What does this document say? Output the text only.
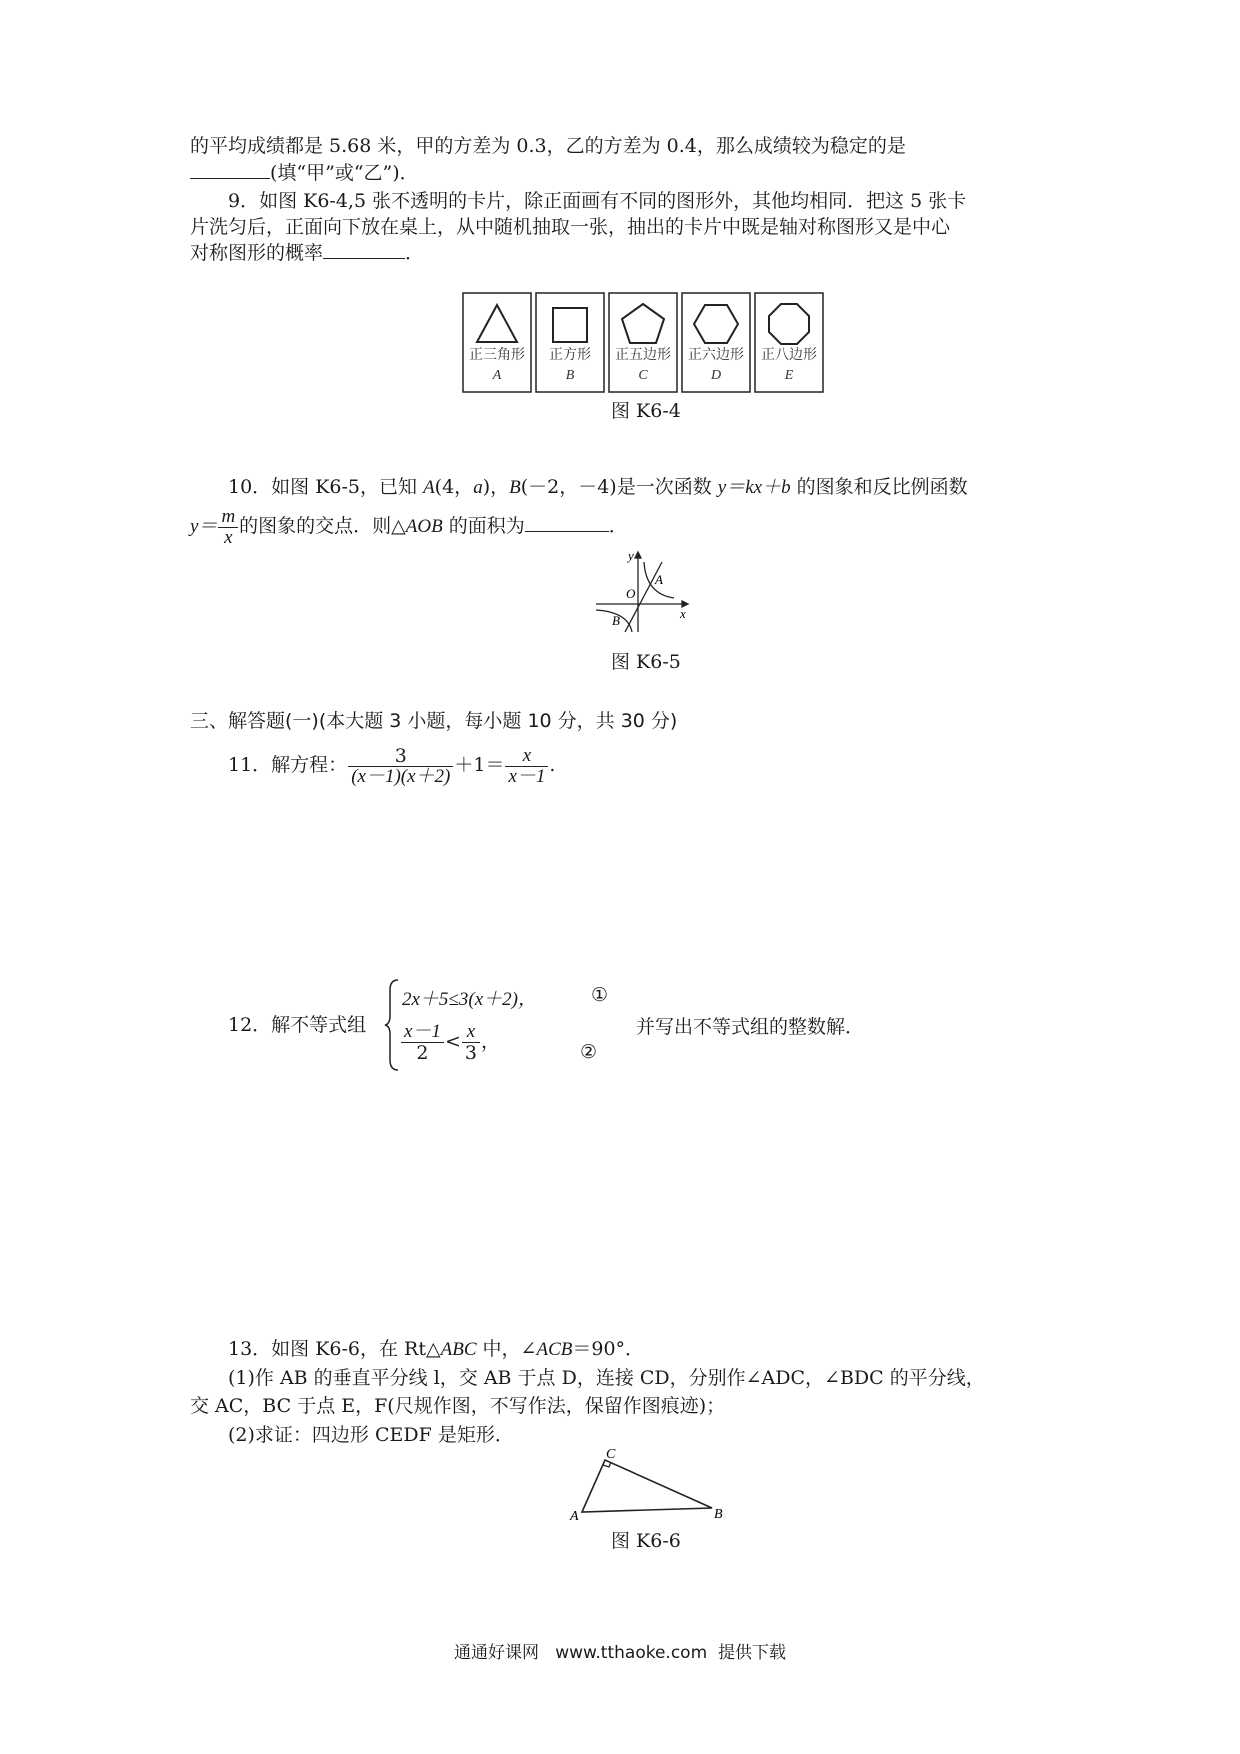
的平均成绩都是 5.68 米，甲的方差为 0.3，乙的方差为 0.4，那么成绩较为稳定的是
(填“甲”或“乙”)．
9．如图 K6-4,5 张不透明的卡片，除正面画有不同的图形外，其他均相同．把这 5 张卡
片洗匀后，正面向下放在桌上，从中随机抽取一张，抽出的卡片中既是轴对称图形又是中心
对称图形的概率	．
正三角形
A
正方形
B
正五边形
C
正六边形
D
正八边形
E
图 K6-4
10．如图 K6-5，已知 A(4，a)，B(－2，－4)是一次函数 y＝kx＋b 的图象和反比例函数
$y= \frac{m}{x}$ 的图象的交点．则△AOB 的面积为	．
y
x
O
A
B
图 K6-5
三、解答题(一)(本大题 3 小题，每小题 10 分，共 30 分)
11．解方程： $\frac{3}{(x-1)(x+2)} +1= \frac{x}{x-1}$ .
12．解不等式组
2x＋5≤3(x＋2)，	①
$\frac{x-1}{2} < \frac{x}{3}$ ，	②
并写出不等式组的整数解．
13．如图 K6-6，在 Rt△ABC 中，∠ACB＝90°．
(1)作 AB 的垂直平分线 l，交 AB 于点 D，连接 CD，分别作∠ADC，∠BDC 的平分线，
交 AC，BC 于点 E，F(尺规作图，不写作法，保留作图痕迹)；
(2)求证：四边形 CEDF 是矩形．
A	B
C
图 K6-6
通通好课网   www.tthaoke.com  提供下载
